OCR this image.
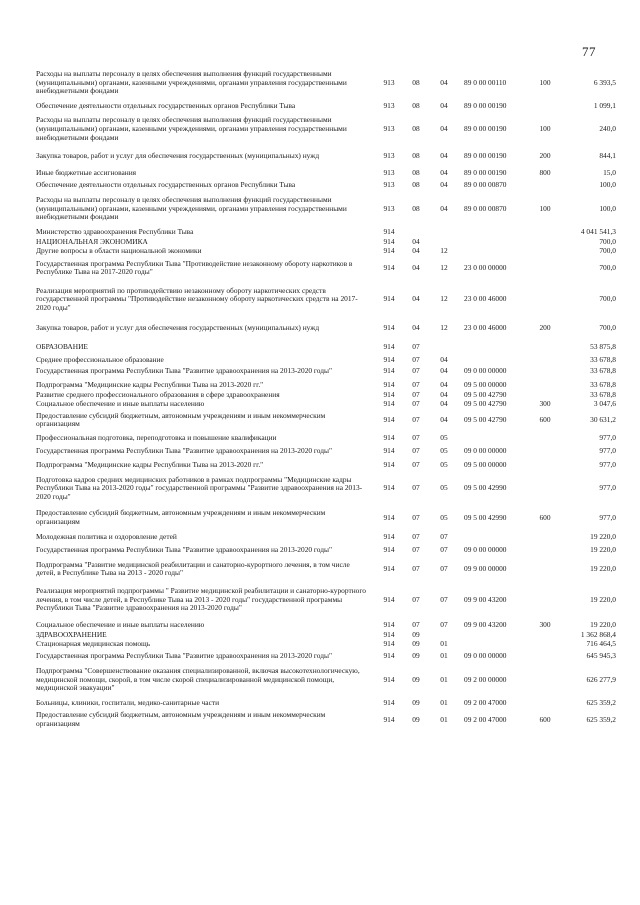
77
Расходы на выплаты персоналу в целях обеспечения выполнения функций государственными (муниципальными) органами, казенными учреждениями, органами управления государственными внебюджетными фондами	913	08	04	89 0 00 00110	100	6 393,5
Обеспечение деятельности отдельных государственных органов Республики Тыва	913	08	04	89 0 00 00190		1 099,1
Расходы на выплаты персоналу в целях обеспечения выполнения функций государственными (муниципальными) органами, казенными учреждениями, органами управления государственными внебюджетными фондами	913	08	04	89 0 00 00190	100	240,0
Закупка товаров, работ и услуг для обеспечения государственных (муниципальных) нужд	913	08	04	89 0 00 00190	200	844,1
Иные бюджетные ассигнования	913	08	04	89 0 00 00190	800	15,0
Обеспечение деятельности отдельных государственных органов Республики Тыва	913	08	04	89 0 00 00870		100,0
Расходы на выплаты персоналу в целях обеспечения выполнения функций государственными (муниципальными) органами, казенными учреждениями, органами управления государственными внебюджетными фондами	913	08	04	89 0 00 00870	100	100,0
Министерство здравоохранения Республики Тыва	914					4 041 541,3
НАЦИОНАЛЬНАЯ ЭКОНОМИКА	914	04				700,0
Другие вопросы в области национальной экономики	914	04	12			700,0
Государственная программа Республики Тыва "Противодействие незаконному обороту наркотиков в Республике Тыва на 2017-2020 годы"	914	04	12	23 0 00 00000		700,0
Реализация мероприятий по противодействию незаконному обороту наркотических средств государственной программы "Противодействие незаконному обороту наркотических средств на 2017-2020 годы"	914	04	12	23 0 00 46000		700,0
Закупка товаров, работ и услуг для обеспечения государственных (муниципальных) нужд	914	04	12	23 0 00 46000	200	700,0
ОБРАЗОВАНИЕ	914	07				53 875,8
Среднее профессиональное образование	914	07	04			33 678,8
Государственная программа Республики Тыва "Развитие здравоохранения на 2013-2020 годы"	914	07	04	09 0 00 00000		33 678,8
Подпрограмма "Медицинские кадры Республики Тыва на 2013-2020 гг."	914	07	04	09 5 00 00000		33 678,8
Развитие среднего профессионального образования в сфере здравоохранения	914	07	04	09 5 00 42790		33 678,8
Социальное обеспечение и иные выплаты населению	914	07	04	09 5 00 42790	300	3 047,6
Предоставление субсидий бюджетным, автономным учреждениям и иным некоммерческим организациям	914	07	04	09 5 00 42790	600	30 631,2
Профессиональная подготовка, переподготовка и повышение квалификации	914	07	05			977,0
Государственная программа Республики Тыва "Развитие здравоохранения на 2013-2020 годы"	914	07	05	09 0 00 00000		977,0
Подпрограмма "Медицинские кадры Республики Тыва на 2013-2020 гг."	914	07	05	09 5 00 00000		977,0
Подготовка кадров средних медицинских работников в рамках подпрограммы "Медицинские кадры Республики Тыва на 2013-2020 годы" государственной программы "Развитие здравоохранения на 2013-2020 годы"	914	07	05	09 5 00 42990		977,0
Предоставление субсидий бюджетным, автономным учреждениям и иным некоммерческим организациям	914	07	05	09 5 00 42990	600	977,0
Молодежная политика и оздоровление детей	914	07	07			19 220,0
Государственная программа Республики Тыва "Развитие здравоохранения на 2013-2020 годы"	914	07	07	09 0 00 00000		19 220,0
Подпрограмма "Развитие медицинской реабилитации и санаторно-курортного лечения, в том числе детей, в Республике Тыва на 2013 - 2020 годы"	914	07	07	09 9 00 00000		19 220,0
Реализация мероприятий подпрограммы " Развитие медицинской реабилитации и санаторно-курортного лечения, в том числе детей, в Республике Тыва на 2013 - 2020 годы" государственной программы Республики Тыва "Развитие здравоохранения на 2013-2020 годы"	914	07	07	09 9 00 43200		19 220,0
Социальное обеспечение и иные выплаты населению	914	07	07	09 9 00 43200	300	19 220,0
ЗДРАВООХРАНЕНИЕ	914	09				1 362 868,4
Стационарная медицинская помощь	914	09	01			716 464,5
Государственная программа Республики Тыва "Развитие здравоохранения на 2013-2020 годы"	914	09	01	09 0 00 00000		645 945,3
Подпрограмма "Совершенствование оказания специализированной, включая высокотехнологическую, медицинской помощи, скорой, в том числе скорой специализированной медицинской помощи, медицинской эвакуации"	914	09	01	09 2 00 00000		626 277,9
Больницы, клиники, госпитали, медико-санитарные части	914	09	01	09 2 00 47000		625 359,2
Предоставление субсидий бюджетным, автономным учреждениям и иным некоммерческим организациям	914	09	01	09 2 00 47000	600	625 359,2
